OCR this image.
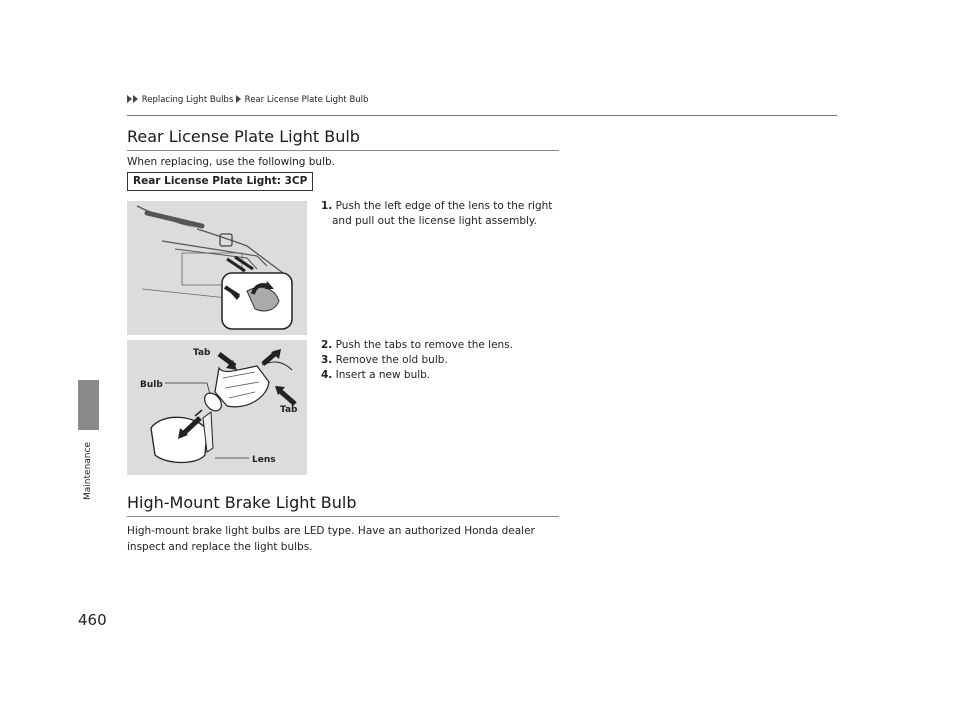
Replacing Light Bulbs Rear License Plate Light Bulb
Maintenance
460
Rear License Plate Light Bulb
When replacing, use the following bulb.
Rear License Plate Light: 3CP
1. Push the left edge of the lens to the right
and pull out the license light assembly.
Tab
Tab
Bulb
Lens
2. Push the tabs to remove the lens.
3. Remove the old bulb.
4. Insert a new bulb.
High-Mount Brake Light Bulb
High-mount brake light bulbs are LED type. Have an authorized Honda dealer inspect and replace the light bulbs.
